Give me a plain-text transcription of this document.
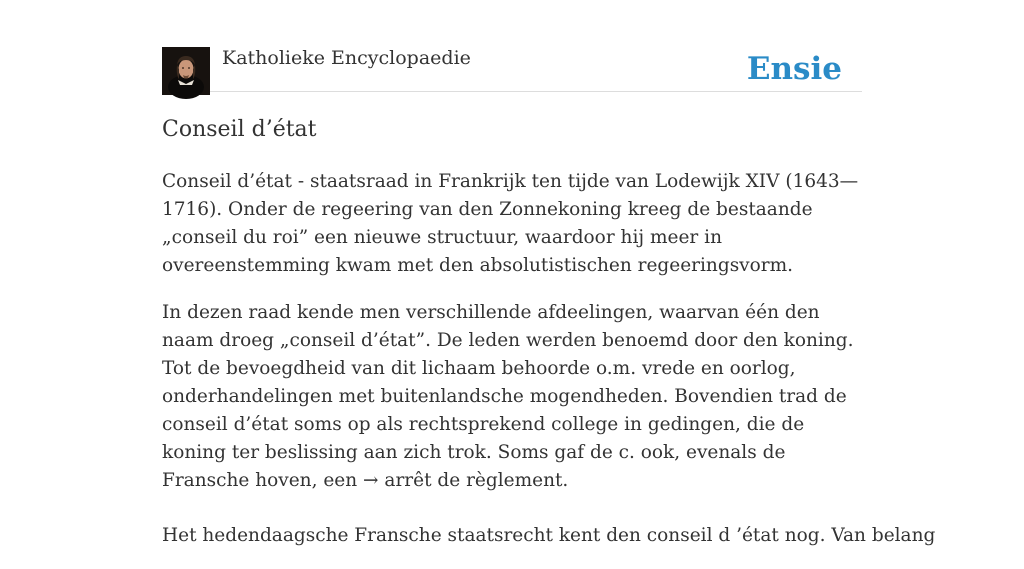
Katholieke Encyclopaedie	Ensie
Conseil d’état

Conseil d’état - staatsraad in Frankrijk ten tijde van Lodewijk XIV (1643—1716). Onder de regeering van den Zonnekoning kreeg de bestaande „conseil du roi” een nieuwe structuur, waardoor hij meer in overeenstemming kwam met den absolutistischen regeeringsvorm.

In dezen raad kende men verschillende afdeelingen, waarvan één den naam droeg „conseil d’état”. De leden werden benoemd door den koning. Tot de bevoegdheid van dit lichaam behoorde o.m. vrede en oorlog, onderhandelingen met buitenlandsche mogendheden. Bovendien trad de conseil d’état soms op als rechtsprekend college in gedingen, die de koning ter beslissing aan zich trok. Soms gaf de c. ook, evenals de Fransche hoven, een → arrêt de règlement.

Het hedendaagsche Fransche staatsrecht kent den conseil d ’état nog. Van belang
